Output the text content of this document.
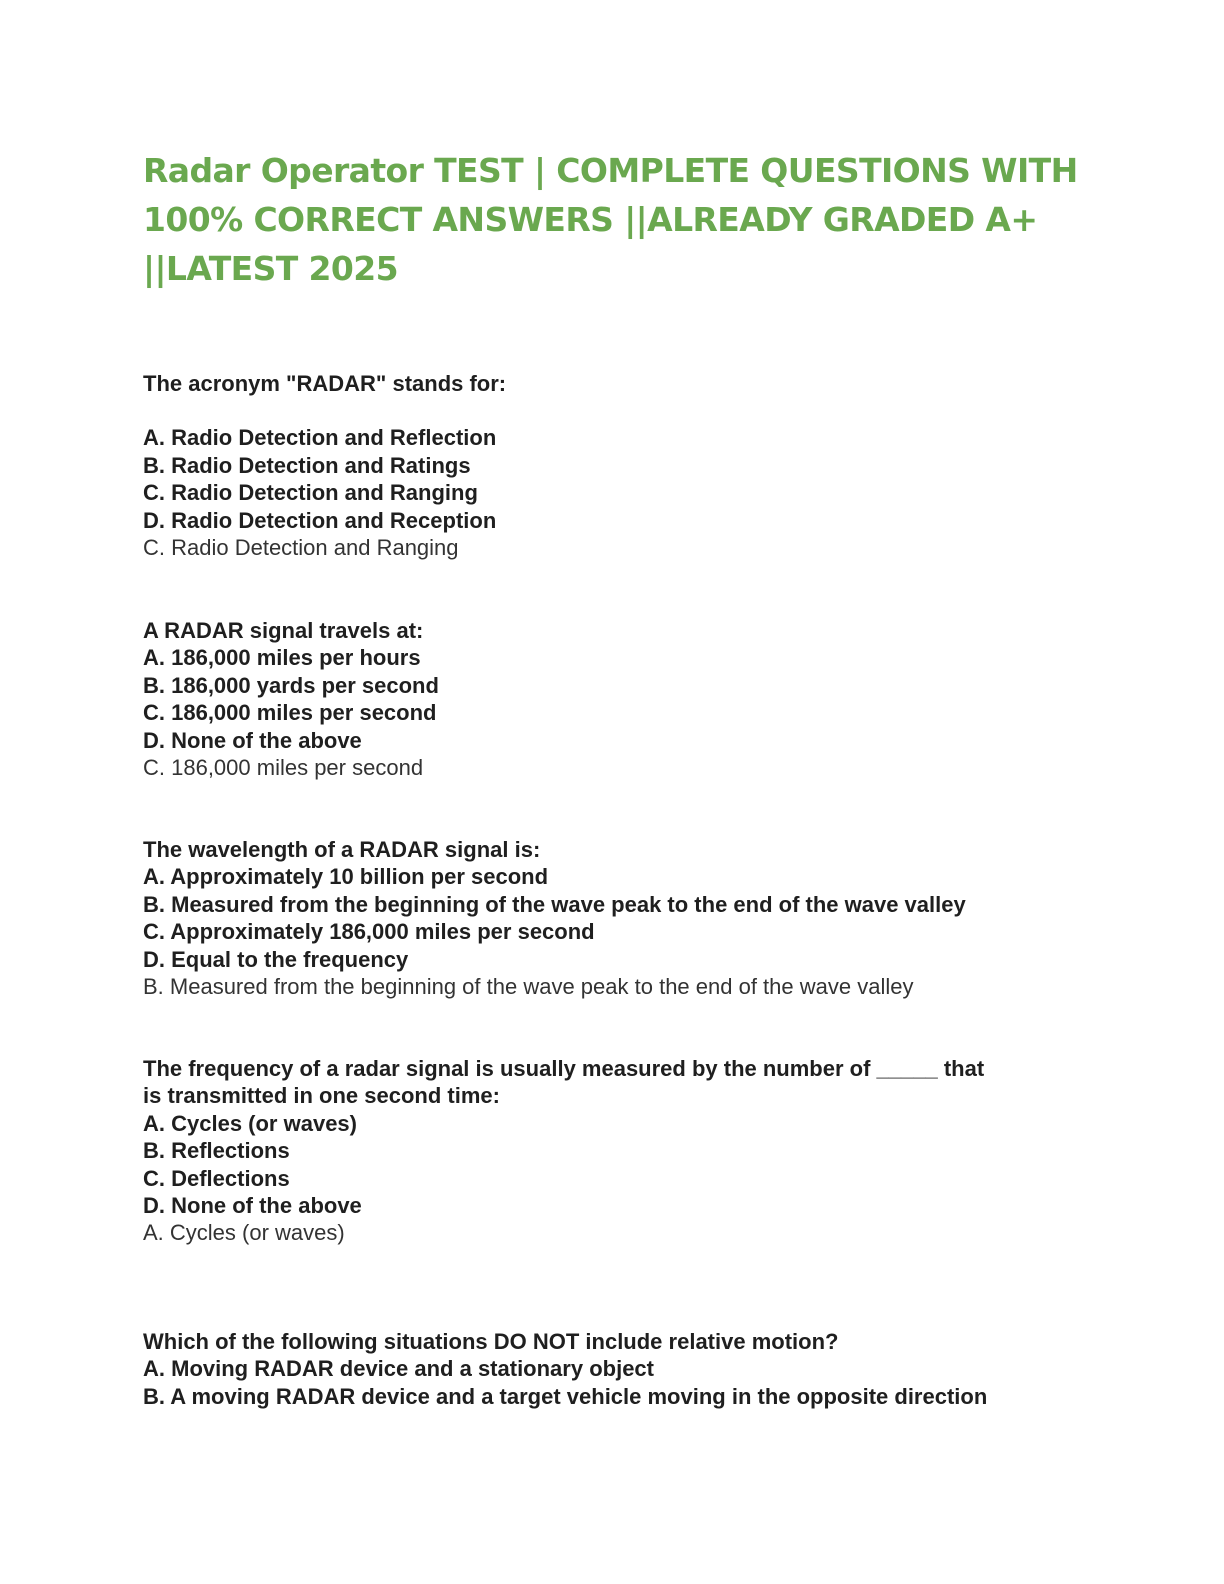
Radar Operator TEST | COMPLETE QUESTIONS WITH
100% CORRECT ANSWERS ||ALREADY GRADED A+
||LATEST 2025
The acronym "RADAR" stands for:
A. Radio Detection and Reflection
B. Radio Detection and Ratings
C. Radio Detection and Ranging
D. Radio Detection and Reception
C. Radio Detection and Ranging
A RADAR signal travels at:
A. 186,000 miles per hours
B. 186,000 yards per second
C. 186,000 miles per second
D. None of the above
C. 186,000 miles per second
The wavelength of a RADAR signal is:
A. Approximately 10 billion per second
B. Measured from the beginning of the wave peak to the end of the wave valley
C. Approximately 186,000 miles per second
D. Equal to the frequency
B. Measured from the beginning of the wave peak to the end of the wave valley
The frequency of a radar signal is usually measured by the number of _____ that
is transmitted in one second time:
A. Cycles (or waves)
B. Reflections
C. Deflections
D. None of the above
A. Cycles (or waves)
Which of the following situations DO NOT include relative motion?
A. Moving RADAR device and a stationary object
B. A moving RADAR device and a target vehicle moving in the opposite direction
